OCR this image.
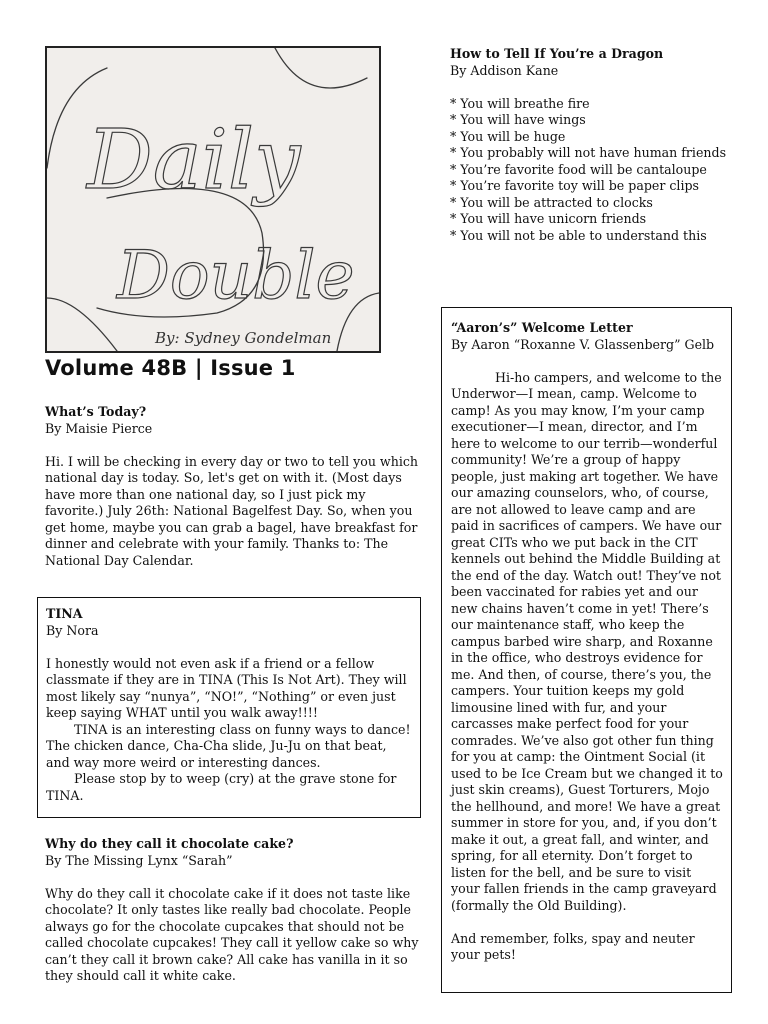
Daily
Double
By: Sydney Gondelman
Volume 48B | Issue 1

What’s Today?

By Maisie Pierce

Hi. I will be checking in every day or two to tell you which national day is today. So, let's get on with it. (Most days have more than one national day, so I just pick my favorite.) July 26th: National Bagelfest Day. So, when you get home, maybe you can grab a bagel, have breakfast for dinner and celebrate with your family. Thanks to: The National Day Calendar.

TINA

By Nora

I honestly would not even ask if a friend or a fellow classmate if they are in TINA (This Is Not Art). They will most likely say “nunya”, “NO!”, “Nothing” or even just keep saying WHAT until you walk away!!!!

TINA is an interesting class on funny ways to dance! The chicken dance, Cha-Cha slide, Ju-Ju on that beat, and way more weird or interesting dances.

Please stop by to weep (cry) at the grave stone for TINA.

Why do they call it chocolate cake?

By The Missing Lynx “Sarah”

Why do they call it chocolate cake if it does not taste like chocolate? It only tastes like really bad chocolate. People always go for the chocolate cupcakes that should not be called chocolate cupcakes! They call it yellow cake so why can’t they call it brown cake? All cake has vanilla in it so they should call it white cake.

How to Tell If You’re a Dragon

By Addison Kane

* You will breathe fire
* You will have wings
* You will be huge
* You probably will not have human friends
* You’re favorite food will be cantaloupe
* You’re favorite toy will be paper clips
* You will be attracted to clocks
* You will have unicorn friends
* You will not be able to understand this

“Aaron’s” Welcome Letter

By Aaron “Roxanne V. Glassenberg” Gelb

Hi-ho campers, and welcome to the Underwor—I mean, camp. Welcome to camp! As you may know, I’m your camp executioner—I mean, director, and I’m here to welcome to our terrib—wonderful community! We’re a group of happy people, just making art together. We have our amazing counselors, who, of course, are not allowed to leave camp and are paid in sacrifices of campers. We have our great CITs who we put back in the CIT kennels out behind the Middle Building at the end of the day. Watch out! They’ve not been vaccinated for rabies yet and our new chains haven’t come in yet! There’s our maintenance staff, who keep the campus barbed wire sharp, and Roxanne in the office, who destroys evidence for me. And then, of course, there’s you, the campers. Your tuition keeps my gold limousine lined with fur, and your carcasses make perfect food for your comrades. We’ve also got other fun thing for you at camp: the Ointment Social (it used to be Ice Cream but we changed it to just skin creams), Guest Torturers, Mojo the hellhound, and more! We have a great summer in store for you, and, if you don’t make it out, a great fall, and winter, and spring, for all eternity. Don’t forget to listen for the bell, and be sure to visit your fallen friends in the camp graveyard (formally the Old Building).

And remember, folks, spay and neuter your pets!
